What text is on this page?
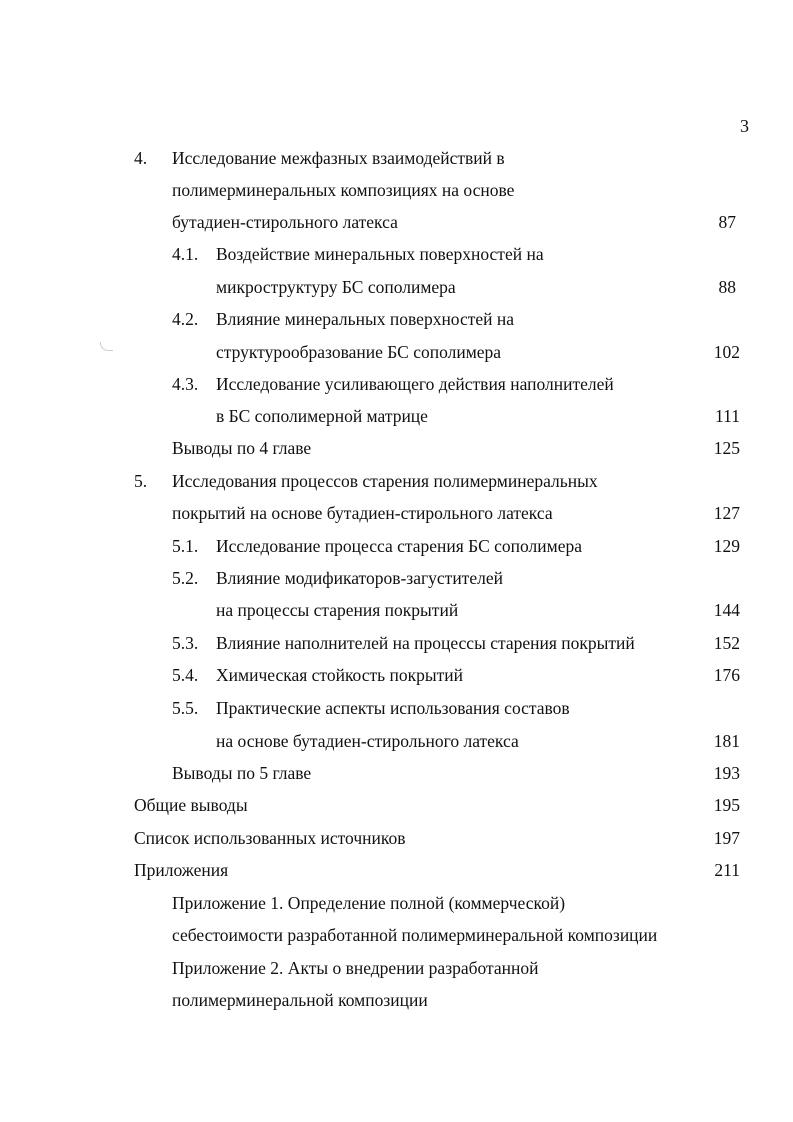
3
4. Исследование межфазных взаимодействий в
полимерминеральных композициях на основе
бутадиен-стирольного латекса	87
4.1. Воздействие минеральных поверхностей на
микроструктуру БС сополимера	88
4.2. Влияние минеральных поверхностей на
структурообразование БС сополимера	102
4.3. Исследование усиливающего действия наполнителей
в БС сополимерной матрице	111
Выводы по 4 главе	125
5. Исследования процессов старения полимерминеральных
покрытий на основе бутадиен-стирольного латекса	127
5.1. Исследование процесса старения БС сополимера	129
5.2. Влияние модификаторов-загустителей
на процессы старения покрытий	144
5.3. Влияние наполнителей на процессы старения покрытий	152
5.4. Химическая стойкость покрытий	176
5.5. Практические аспекты использования составов
на основе бутадиен-стирольного латекса	181
Выводы по 5 главе	193
Общие выводы	195
Список использованных источников	197
Приложения	211
Приложение 1. Определение полной (коммерческой)
себестоимости разработанной полимерминеральной композиции
Приложение 2. Акты о внедрении разработанной
полимерминеральной композиции
